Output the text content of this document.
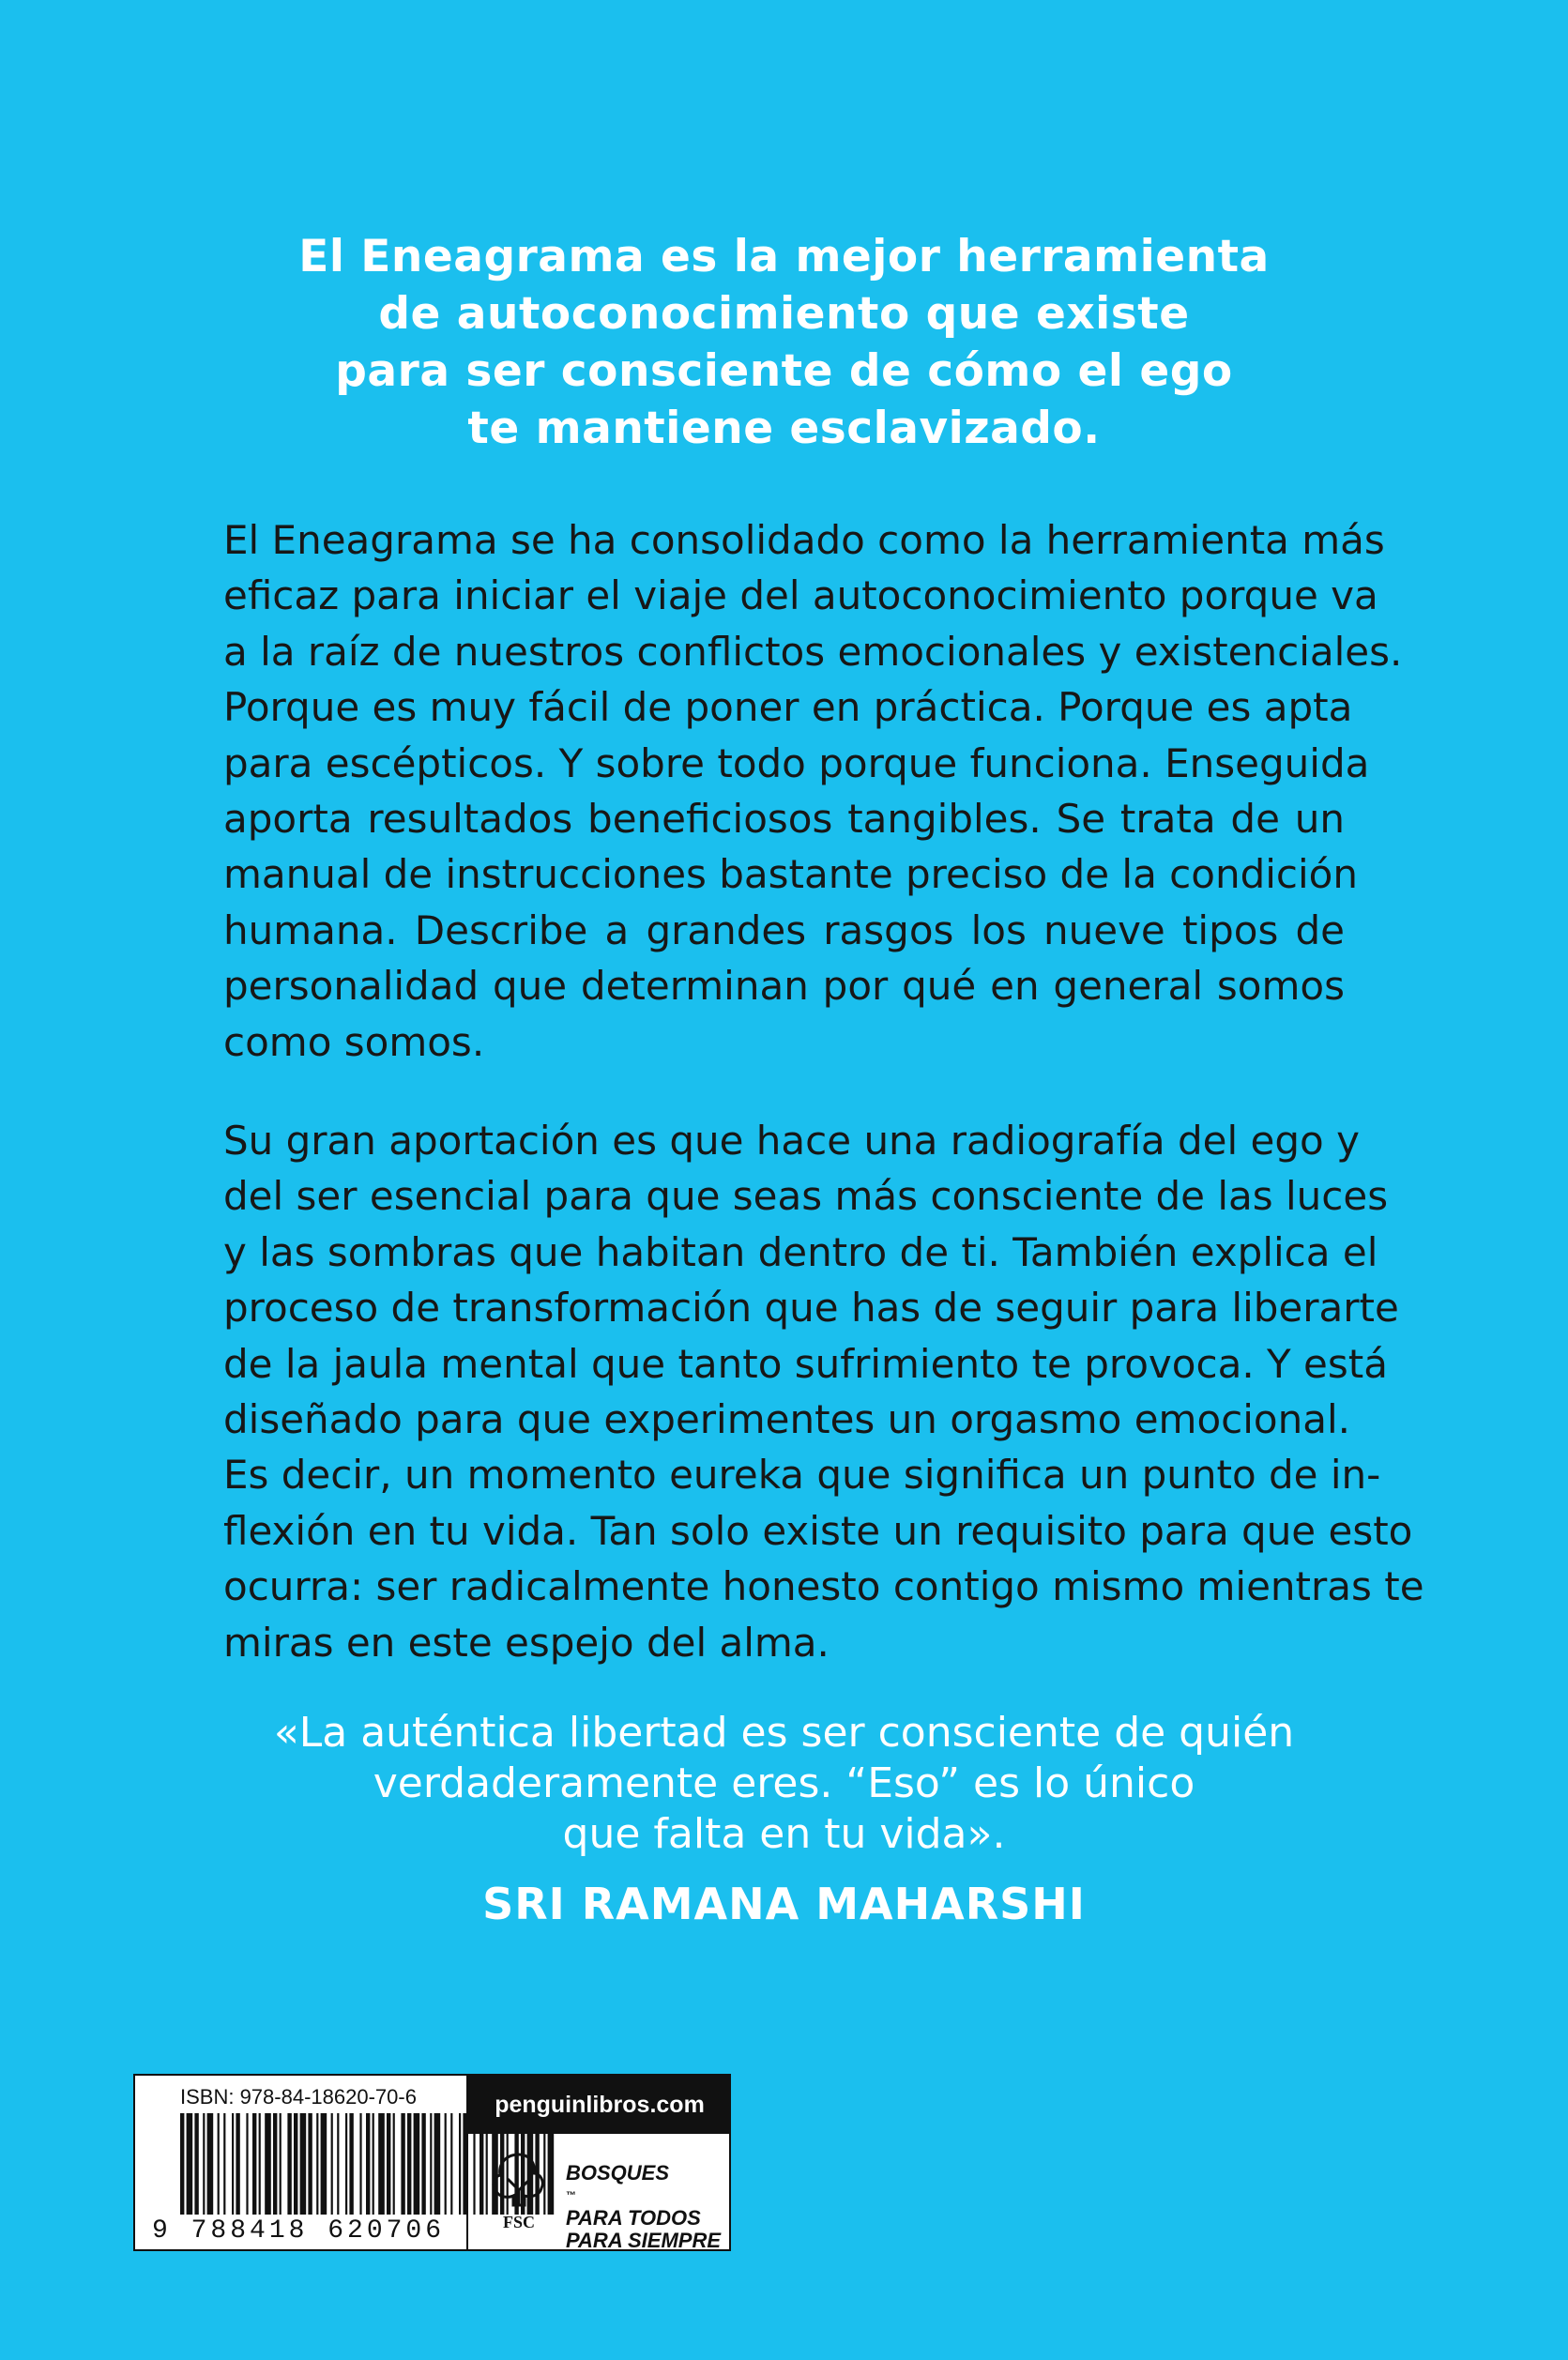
El Eneagrama es la mejor herramienta
de autoconocimiento que existe
para ser consciente de cómo el ego
te mantiene esclavizado.
El Eneagrama se ha consolidado como la herramienta más
eficaz para iniciar el viaje del autoconocimiento porque va
a la raíz de nuestros conflictos emocionales y existenciales.
Porque es muy fácil de poner en práctica. Porque es apta
para escépticos. Y sobre todo porque funciona. Enseguida
aporta resultados beneficiosos tangibles. Se trata de un
manual de instrucciones bastante preciso de la condición
humana. Describe a grandes rasgos los nueve tipos de
personalidad que determinan por qué en general somos
como somos.
Su gran aportación es que hace una radiografía del ego y
del ser esencial para que seas más consciente de las luces
y las sombras que habitan dentro de ti. También explica el
proceso de transformación que has de seguir para liberarte
de la jaula mental que tanto sufrimiento te provoca. Y está
diseñado para que experimentes un orgasmo emocional.
Es decir, un momento eureka que significa un punto de in-
flexión en tu vida. Tan solo existe un requisito para que esto
ocurra: ser radicalmente honesto contigo mismo mientras te
miras en este espejo del alma.
«La auténtica libertad es ser consciente de quién
verdaderamente eres. “Eso” es lo único
que falta en tu vida».
SRI RAMANA MAHARSHI
ISBN: 978-84-18620-70-6
9 788418 620706
penguinlibros.com
FSC
BOSQUES
™
PARA TODOS
PARA SIEMPRE
